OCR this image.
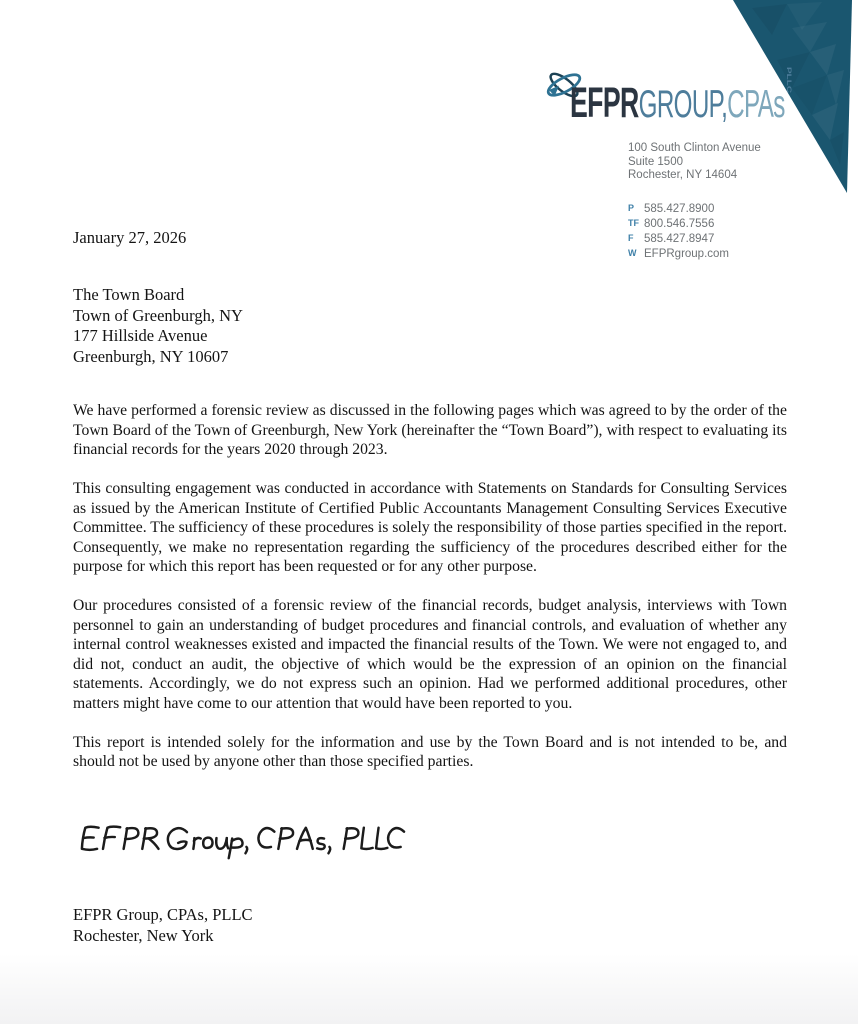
EFPRGROUP,CPAsPLLC
100 South Clinton Avenue
Suite 1500
Rochester, NY 14604
P 585.427.8900
TF 800.546.7556
F 585.427.8947
W EFPRgroup.com
January 27, 2026
The Town Board
Town of Greenburgh, NY
177 Hillside Avenue
Greenburgh, NY 10607

We have performed a forensic review as discussed in the following pages which was agreed to by the order of the Town Board of the Town of Greenburgh, New York (hereinafter the “Town Board”), with respect to evaluating its financial records for the years 2020 through 2023.

This consulting engagement was conducted in accordance with Statements on Standards for Consulting Services as issued by the American Institute of Certified Public Accountants Management Consulting Services Executive Committee. The sufficiency of these procedures is solely the responsibility of those parties specified in the report. Consequently, we make no representation regarding the sufficiency of the procedures described either for the purpose for which this report has been requested or for any other purpose.

Our procedures consisted of a forensic review of the financial records, budget analysis, interviews with Town personnel to gain an understanding of budget procedures and financial controls, and evaluation of whether any internal control weaknesses existed and impacted the financial results of the Town. We were not engaged to, and did not, conduct an audit, the objective of which would be the expression of an opinion on the financial statements. Accordingly, we do not express such an opinion. Had we performed additional procedures, other matters might have come to our attention that would have been reported to you.

This report is intended solely for the information and use by the Town Board and is not intended to be, and should not be used by anyone other than those specified parties.

EFPR Group, CPAs, PLLC
Rochester, New York
